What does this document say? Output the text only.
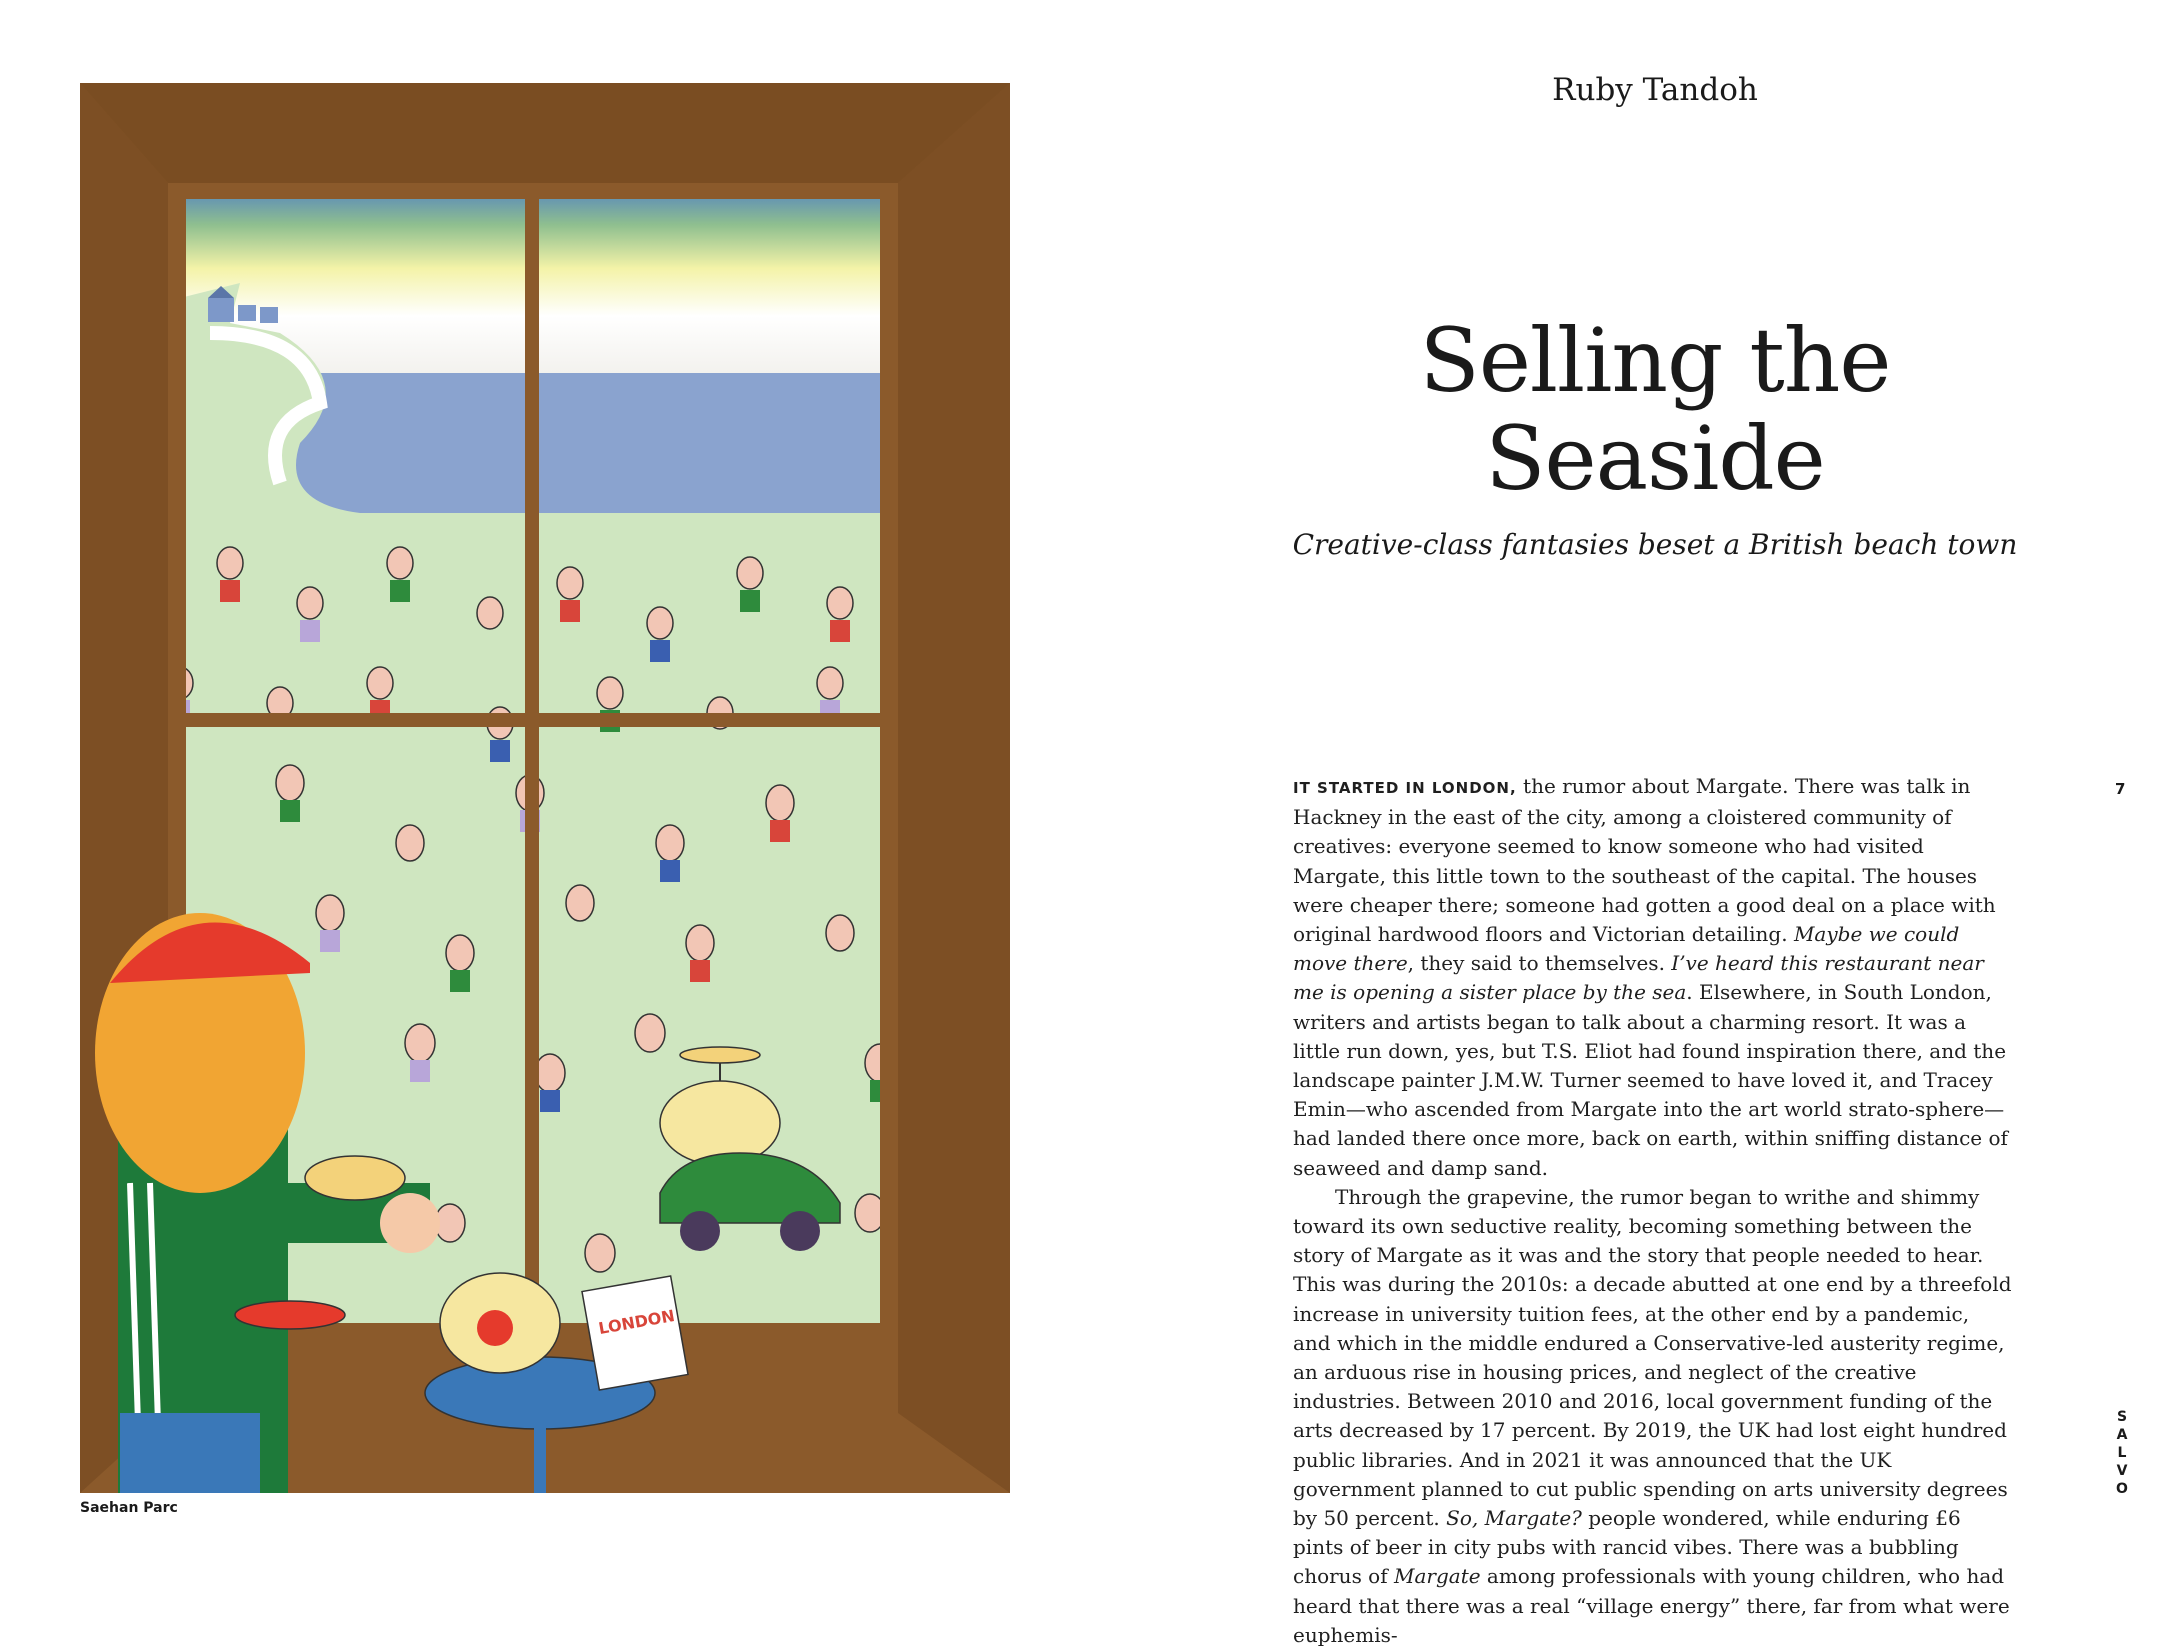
LONDON

Saehan Parc

Ruby Tandoh

Selling the
Seaside

Creative-class fantasies beset a British beach town

IT STARTED IN LONDON, the rumor about Margate. There was talk in Hackney in the east of the city, among a cloistered community of creatives: everyone seemed to know someone who had visited Margate, this little town to the southeast of the capital. The houses were cheaper there; someone had gotten a good deal on a place with original hardwood floors and Victorian detailing. Maybe we could move there, they said to themselves. I’ve heard this restaurant near me is opening a sister place by the sea. Elsewhere, in South London, writers and artists began to talk about a charming resort. It was a little run down, yes, but T.S. Eliot had found inspiration there, and the landscape painter J.M.W. Turner seemed to have loved it, and Tracey Emin—who ascended from Margate into the art world strato-sphere—had landed there once more, back on earth, within sniffing distance of seaweed and damp sand.

Through the grapevine, the rumor began to writhe and shimmy toward its own seductive reality, becoming something between the story of Margate as it was and the story that people needed to hear. This was during the 2010s: a decade abutted at one end by a threefold increase in university tuition fees, at the other end by a pandemic, and which in the middle endured a Conservative-led austerity regime, an arduous rise in housing prices, and neglect of the creative industries. Between 2010 and 2016, local government funding of the arts decreased by 17 percent. By 2019, the UK had lost eight hundred public libraries. And in 2021 it was announced that the UK government planned to cut public spending on arts university degrees by 50 percent. So, Margate? people wondered, while enduring £6 pints of beer in city pubs with rancid vibes. There was a bubbling chorus of Margate among professionals with young children, who had heard that there was a real “village energy” there, far from what were euphemis-

7

S
A
L
V
O
